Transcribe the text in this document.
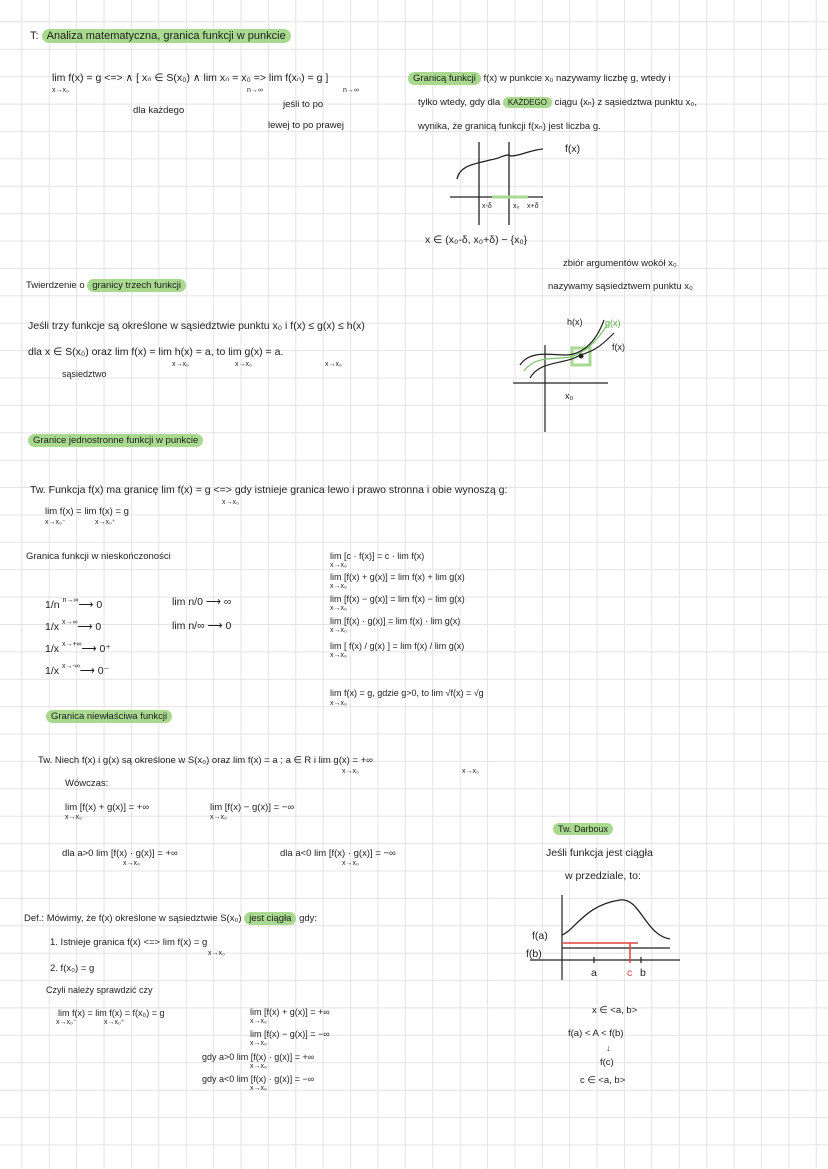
T: Analiza matematyczna, granica funkcji w punkcie
lim f(x) = g <=> ∧ [ xₙ ∈ S(x₀) ∧ lim xₙ = x₀ => lim f(xₙ) = g ]
x→x₀	n→∞	n→∞
dla każdego
jeśli to po
lewej to po prawej
Granicą funkcji f(x) w punkcie x₀ nazywamy liczbę g, wtedy i
tylko wtedy, gdy dla KAŻDEGO ciągu {xₙ} z sąsiedztwa punktu x₀,
wynika, że granicą funkcji f(xₙ) jest liczba g.
f(x)
x-δ	x₀ x+δ
x ∈ (x₀-δ, x₀+δ) − {x₀}
zbiór argumentów wokół x₀
nazywamy sąsiedztwem punktu x₀
Twierdzenie o granicy trzech funkcji
Jeśli trzy funkcje są określone w sąsiedztwie punktu x₀ i f(x) ≤ g(x) ≤ h(x)
dla x ∈ S(x₀) oraz lim f(x) = lim h(x) = a, to lim g(x) = a.
x→x₀	x→x₀	x→x₀
sąsiedztwo
h(x)	g(x)
f(x)
x₀
Granice jednostronne funkcji w punkcie
Tw. Funkcja f(x) ma granicę lim f(x) = g <=> gdy istnieje granica lewo i prawo stronna i obie wynoszą g:
x→x₀
lim f(x) = lim f(x) = g
x→x₀⁻	x→x₀⁺
Granica funkcji w nieskończoności
1/n $^{n\to\infty}$⟶ 0
1/x $^{x\to\infty}$⟶ 0
1/x $^{x\to+\infty}$⟶ 0⁺
1/x $^{x\to-\infty}$⟶ 0⁻
lim n/0 ⟶ ∞
lim n/∞ ⟶ 0
lim [c · f(x)] = c · lim f(x)
x→x₀
lim [f(x) + g(x)] = lim f(x) + lim g(x)
x→x₀
lim [f(x) − g(x)] = lim f(x) − lim g(x)
x→x₀
lim [f(x) · g(x)] = lim f(x) · lim g(x)
x→x₀
lim [ f(x) / g(x) ] = lim f(x) / lim g(x)
x→x₀
lim f(x) = g, gdzie g>0, to lim √f(x) = √g
x→x₀
Granica niewłaściwa funkcji
Tw. Niech f(x) i g(x) są określone w S(x₀) oraz lim f(x) = a ; a ∈ R i lim g(x) = +∞
x→x₀	x→x₀
Wówczas:
lim [f(x) + g(x)] = +∞
x→x₀
lim [f(x) − g(x)] = −∞
x→x₀
dla a>0 lim [f(x) · g(x)] = +∞
x→x₀
dla a<0 lim [f(x) · g(x)] = −∞
x→x₀
Def.: Mówimy, że f(x) określone w sąsiedztwie S(x₀) jest ciągła gdy:
1. Istnieje granica f(x) <=> lim f(x) = g
x→x₀
2. f(x₀) = g
Czyli należy sprawdzić czy
lim f(x) = lim f(x) = f(x₀) = g
x→x₀⁻	x→x₀⁺
lim [f(x) + g(x)] = +∞
x→x₀
lim [f(x) − g(x)] = −∞
x→x₀
gdy a>0 lim [f(x) · g(x)] = +∞
x→x₀
gdy a<0 lim [f(x) · g(x)] = −∞
x→x₀
Tw. Darboux
Jeśli funkcja jest ciągła
w przedziale, to:
f(a)
f(b)
a	c b
x ∈ <a, b>
f(a) < A < f(b)
↓
f(c)
c ∈ <a, b>
